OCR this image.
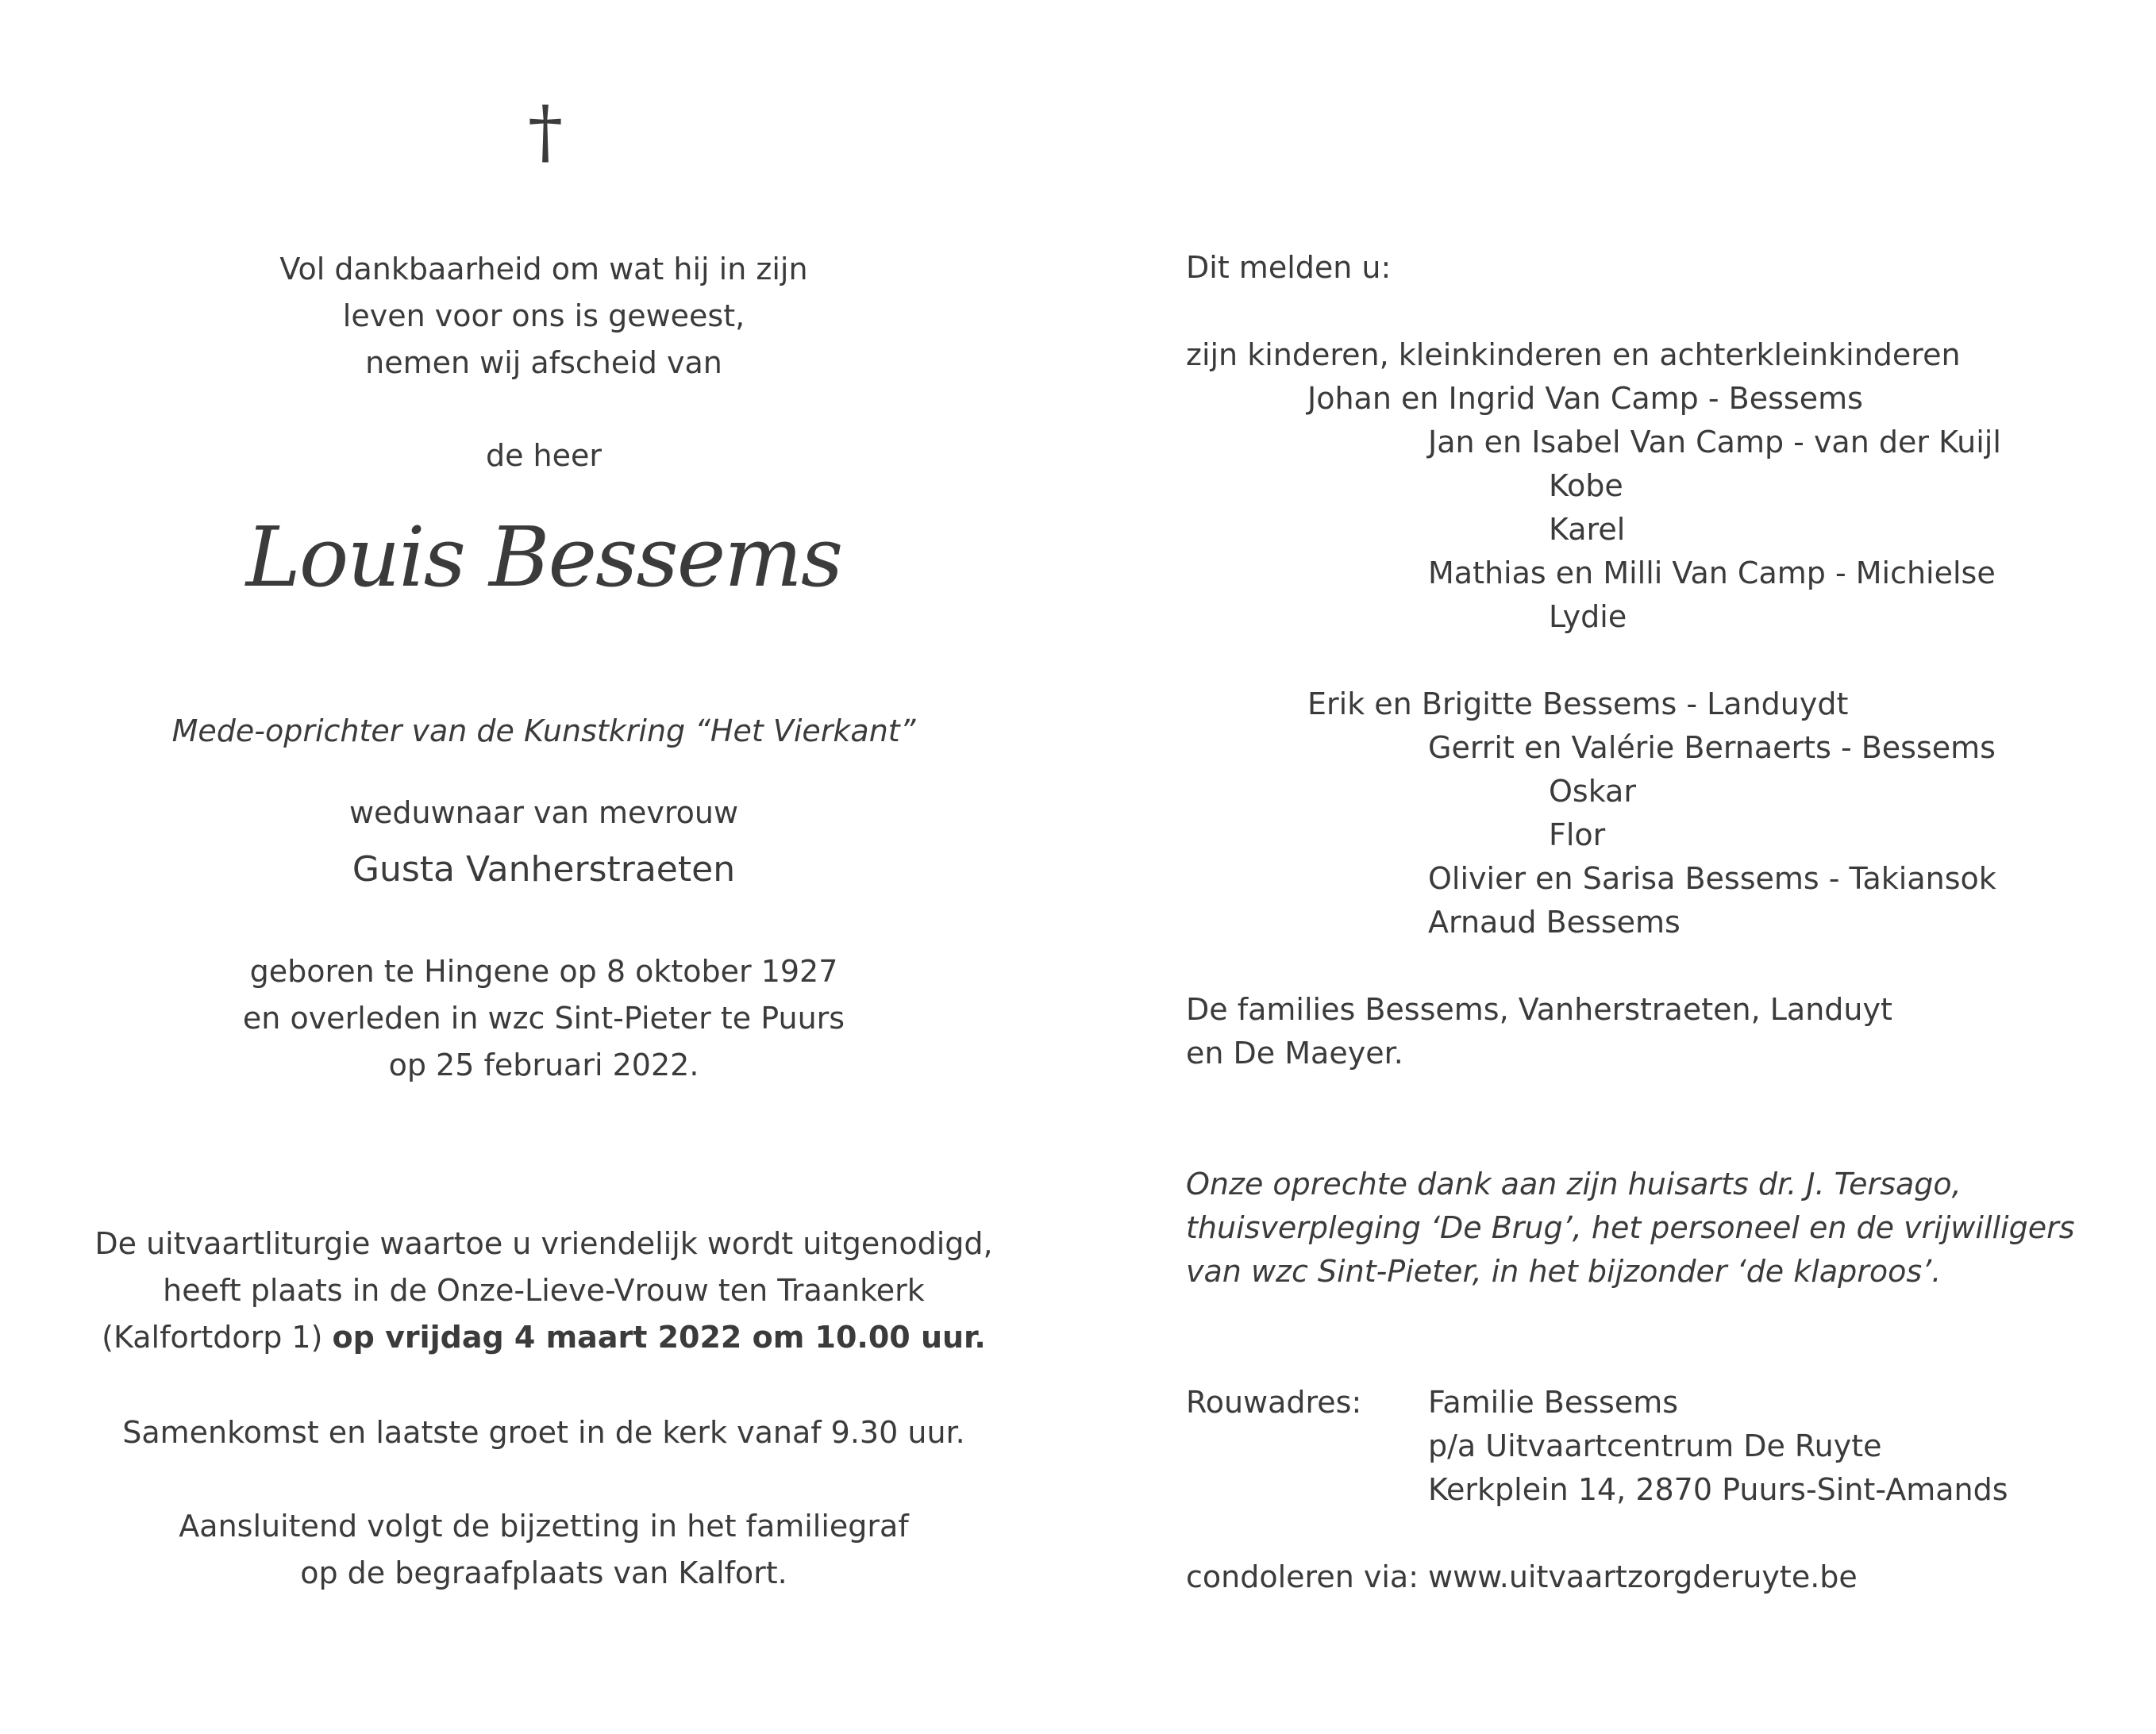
†
Vol dankbaarheid om wat hij in zijn
leven voor ons is geweest,
nemen wij afscheid van
de heer
Louis Bessems
Mede-oprichter van de Kunstkring “Het Vierkant”
weduwnaar van mevrouw
Gusta Vanherstraeten
geboren te Hingene op 8 oktober 1927
en overleden in wzc Sint-Pieter te Puurs
op 25 februari 2022.
De uitvaartliturgie waartoe u vriendelijk wordt uitgenodigd,
heeft plaats in de Onze-Lieve-Vrouw ten Traankerk
(Kalfortdorp 1) op vrijdag 4 maart 2022 om 10.00 uur.
Samenkomst en laatste groet in de kerk vanaf 9.30 uur.
Aansluitend volgt de bijzetting in het familiegraf
op de begraafplaats van Kalfort.
Dit melden u:
zijn kinderen, kleinkinderen en achterkleinkinderen
Johan en Ingrid Van Camp - Bessems
Jan en Isabel Van Camp - van der Kuijl
Kobe
Karel
Mathias en Milli Van Camp - Michielse
Lydie
Erik en Brigitte Bessems - Landuydt
Gerrit en Valérie Bernaerts - Bessems
Oskar
Flor
Olivier en Sarisa Bessems - Takiansok
Arnaud Bessems
De families Bessems, Vanherstraeten, Landuyt
en De Maeyer.
Onze oprechte dank aan zijn huisarts dr. J. Tersago,
thuisverpleging ‘De Brug’, het personeel en de vrijwilligers
van wzc Sint-Pieter, in het bijzonder ‘de klaproos’.
Rouwadres: Familie Bessems
p/a Uitvaartcentrum De Ruyte
Kerkplein 14, 2870 Puurs-Sint-Amands
condoleren via: www.uitvaartzorgderuyte.be
